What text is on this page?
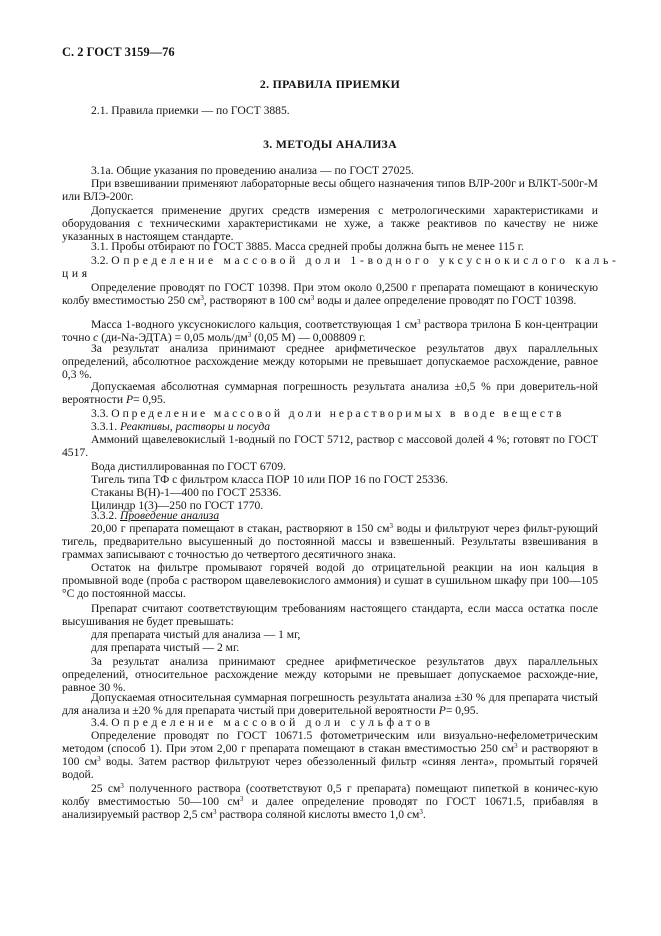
С. 2 ГОСТ 3159—76
2. ПРАВИЛА ПРИЕМКИ

2.1. Правила приемки — по ГОСТ 3885.

3. МЕТОДЫ АНАЛИЗА

3.1а. Общие указания по проведению анализа — по ГОСТ 27025.

При взвешивании применяют лабораторные весы общего назначения типов ВЛР-200г и ВЛКТ-500г-М или ВЛЭ-200г.

Допускается применение других средств измерения с метрологическими характеристиками и оборудования с техническими характеристиками не хуже, а также реактивов по качеству не ниже указанных в настоящем стандарте.

3.1. Пробы отбирают по ГОСТ 3885. Масса средней пробы должна быть не менее 115 г.

3.2. Определение массовой доли 1-водного уксуснокислого каль-
ция

Определение проводят по ГОСТ 10398. При этом около 0,2500 г препарата помещают в коническую колбу вместимостью 250 $см^3$, растворяют в 100 $см^3$ воды и далее определение проводят по ГОСТ 10398.

Масса 1-водного уксуснокислого кальция, соответствующая 1 $см^3$ раствора трилона Б кон-центрации точно с (ди-Na-ЭДТА) = 0,05 моль/$дм^3$ (0,05 М) — 0,008809 г.

За результат анализа принимают среднее арифметическое результатов двух параллельных определений, абсолютное расхождение между которыми не превышает допускаемое расхождение, равное 0,3 %.

Допускаемая абсолютная суммарная погрешность результата анализа ±0,5 % при доверитель-ной вероятности Р= 0,95.

3.3. Определение массовой доли нерастворимых в воде веществ
3.3.1. Реактивы, растворы и посуда

Аммоний щавелевокислый 1-водный по ГОСТ 5712, раствор с массовой долей 4 %; готовят по ГОСТ 4517.

Вода дистиллированная по ГОСТ 6709.

Тигель типа ТФ с фильтром класса ПОР 10 или ПОР 16 по ГОСТ 25336.

Стаканы В(Н)-1—400 по ГОСТ 25336.

Цилиндр 1(3)—250 по ГОСТ 1770.

3.3.2. Проведение анализа

20,00 г препарата помещают в стакан, растворяют в 150 $см^3$ воды и фильтруют через фильт-рующий тигель, предварительно высушенный до постоянной массы и взвешенный. Результаты взвешивания в граммах записывают с точностью до четвертого десятичного знака.

Остаток на фильтре промывают горячей водой до отрицательной реакции на ион кальция в промывной воде (проба с раствором щавелевокислого аммония) и сушат в сушильном шкафу при 100—105 °С до постоянной массы.

Препарат считают соответствующим требованиям настоящего стандарта, если масса остатка после высушивания не будет превышать:

для препарата чистый для анализа — 1 мг,

для препарата чистый — 2 мг.

За результат анализа принимают среднее арифметическое результатов двух параллельных определений, относительное расхождение между которыми не превышает допускаемое расхожде-ние, равное 30 %.

Допускаемая относительная суммарная погрешность результата анализа ±30 % для препарата чистый для анализа и ±20 % для препарата чистый при доверительной вероятности Р= 0,95.

3.4. Определение массовой доли сульфатов

Определение проводят по ГОСТ 10671.5 фотометрическим или визуально-нефелометрическим методом (способ 1). При этом 2,00 г препарата помещают в стакан вместимостью 250 $см^3$ и растворяют в 100 $см^3$ воды. Затем раствор фильтруют через обеззоленный фильтр «синяя лента», промытый горячей водой.

25 $см^3$ полученного раствора (соответствуют 0,5 г препарата) помещают пипеткой в коничес-кую колбу вместимостью 50—100 $см^3$ и далее определение проводят по ГОСТ 10671.5, прибавляя в анализируемый раствор 2,5 $см^3$ раствора соляной кислоты вместо 1,0 $см^3$.
